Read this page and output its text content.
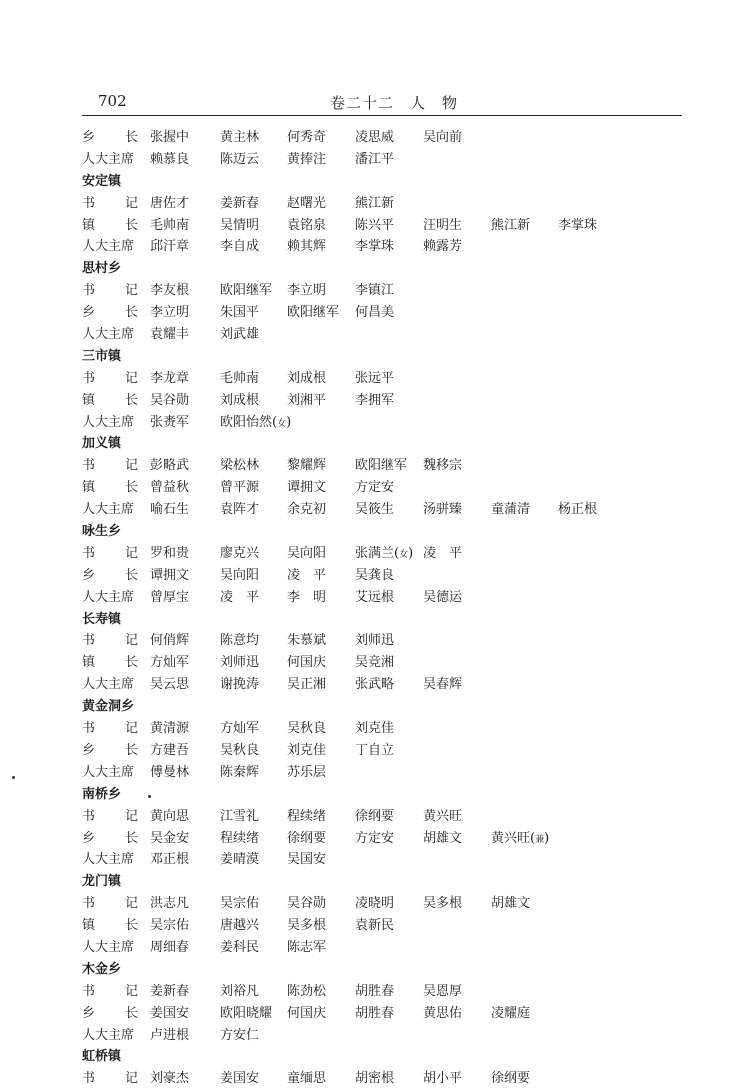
702	卷二十二　人　物
乡 长 张握中 黄主林 何秀奇 凌思威 吴向前
人大主席	赖慕良 陈迈云 黄捧注 潘江平
安定镇
书 记 唐佐才 姜新春 赵曙光 熊江新
镇 长 毛帅南 吴情明 袁铭泉 陈兴平 汪明生 熊江新 李掌珠
人大主席	邱汗章 李自成 赖其辉 李掌珠 赖露芳
思村乡
书 记 李友根 欧阳继军 李立明 李镇江
乡 长 李立明 朱国平 欧阳继军 何昌美
人大主席	袁耀丰 刘武雄
三市镇
书 记 李龙章 毛帅南 刘成根 张远平
镇 长 吴谷勋 刘成根 刘湘平 李拥军
人大主席	张赉军 欧阳怡然(女)
加义镇
书 记 彭略武 梁松林 黎耀辉 欧阳继军 魏移宗
镇 长 曾益秋 曾平源 谭拥文 方定安
人大主席	喻石生 袁阵才 余克初 吴筱生 汤骈臻 童蒲清 杨正根
咏生乡
书 记 罗和贵 廖克兴 吴向阳 张满兰(女) 凌　平
乡 长 谭拥文 吴向阳 凌　平 吴龚良
人大主席	曾厚宝 凌　平 李　明 艾远根 吴德运
长寿镇
书 记 何俏辉 陈意均 朱慕斌 刘师迅
镇 长 方灿军 刘师迅 何国庆 吴竞湘
人大主席	吴云思 谢挽涛 吴正湘 张武略 吴春辉
黄金洞乡
书 记 黄清源 方灿军 吴秋良 刘克佳
乡 长 方建吾 吴秋良 刘克佳 丁自立
人大主席	傅曼林 陈秦辉 苏乐层
南桥乡
书 记 黄向思 江雪礼 程续绪 徐纲要 黄兴旺
乡 长 吴金安 程续绪 徐纲要 方定安 胡雄文 黄兴旺(兼)
人大主席	邓正根 姜晴漠 吴国安
龙门镇
书 记 洪志凡 吴宗佑 吴谷勋 凌晓明 吴多根 胡雄文
镇 长 吴宗佑 唐越兴 吴多根 袁新民
人大主席	周细春 姜科民 陈志军
木金乡
书 记 姜新春 刘裕凡 陈劲松 胡胜春 吴恩厚
乡 长 姜国安 欧阳晓耀 何国庆 胡胜春 黄思佑 凌耀庭
人大主席	卢进根 方安仁
虹桥镇
书 记 刘豪杰 姜国安 童缅思 胡密根 胡小平 徐纲要
